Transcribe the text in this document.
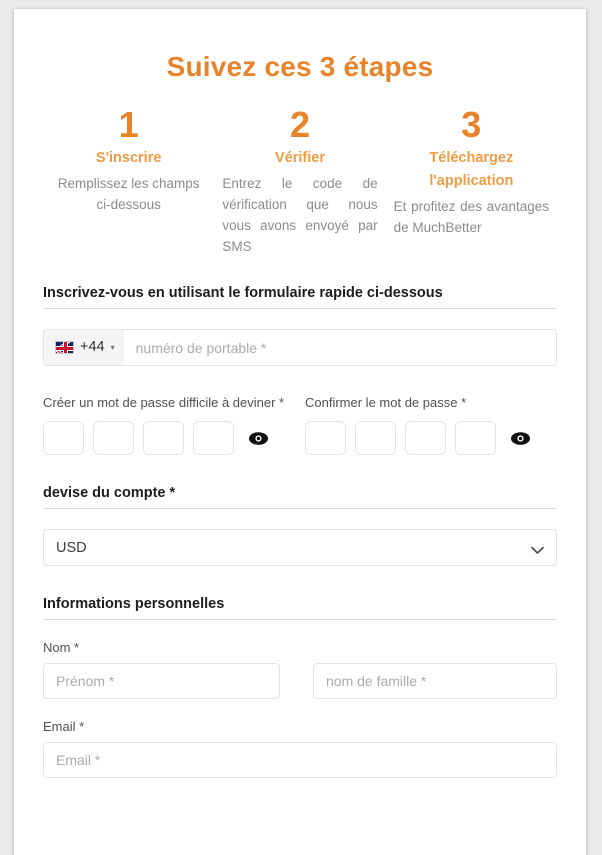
Suivez ces 3 étapes
1
S'inscrire
Remplissez les champs ci-dessous
2
Vérifier
Entrez le code de vérification que nous vous avons envoyé par SMS
3
Téléchargez l'application
Et profitez des avantages de MuchBetter
Inscrivez-vous en utilisant le formulaire rapide ci-dessous
+44 ▾
numéro de portable *
Créer un mot de passe difficile à deviner *	Confirmer le mot de passe *
devise du compte *
USD
Informations personnelles
Nom *
Prénom *
nom de famille *
Email *
Email *
